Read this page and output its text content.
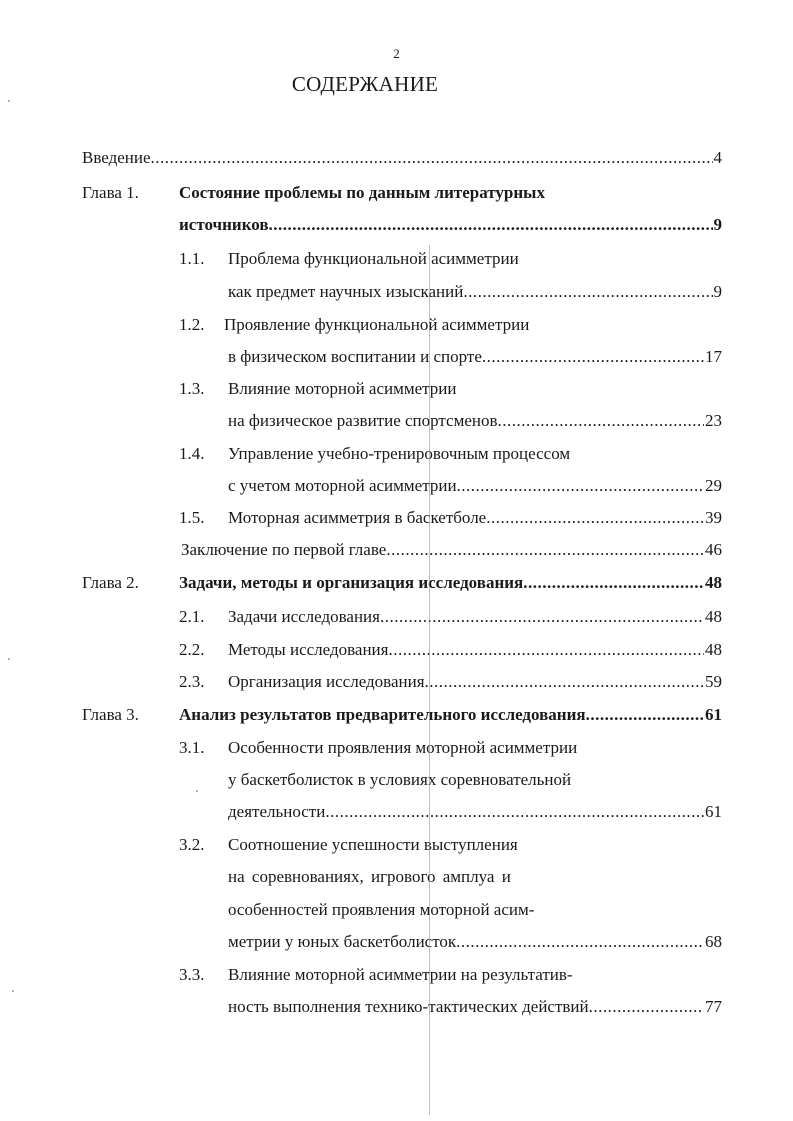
2
СОДЕРЖАНИЕ
Введение .....	4
Глава 1. Состояние проблемы по данным литературных
источников .....	9
1.1. Проблема функциональной асимметрии
как предмет научных изысканий .....	9
1.2. Проявление функциональной асимметрии
в физическом воспитании и спорте .....	17
1.3. Влияние моторной асимметрии
на физическое развитие спортсменов .....	23
1.4. Управление учебно-тренировочным процессом
с учетом моторной асимметрии .....	29
1.5. Моторная асимметрия в баскетболе .....	39
Заключение по первой главе .....	46
Глава 2. Задачи, методы и организация исследования .....	48
2.1. Задачи исследования .....	48
2.2. Методы исследования .....	48
2.3. Организация исследования .....	59
Глава 3. Анализ результатов предварительного исследования .....	61
3.1. Особенности проявления моторной асимметрии
у баскетболисток в условиях соревновательной
деятельности .....	61
3.2. Соотношение успешности выступления
на соревнованиях, игрового амплуа и
особенностей проявления моторной асим-
метрии у юных баскетболисток .....	68
3.3. Влияние моторной асимметрии на результатив-
ность выполнения технико-тактических действий .....	77
